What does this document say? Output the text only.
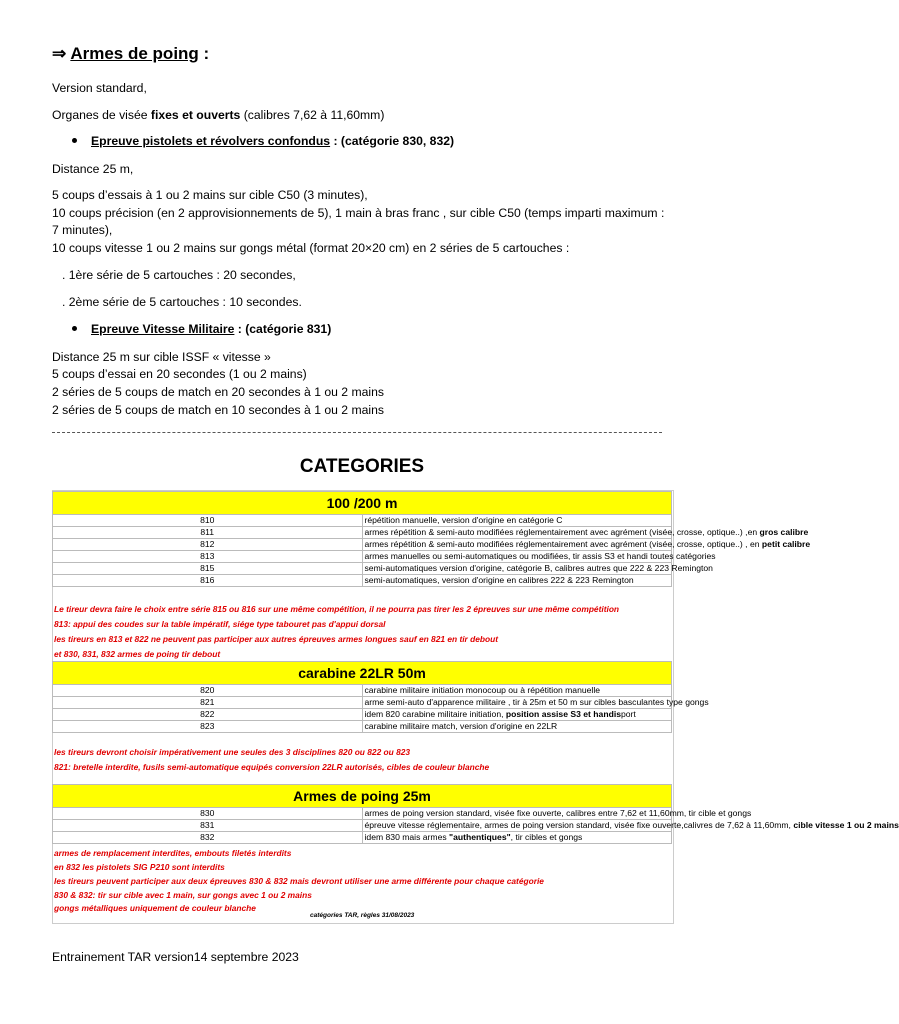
⇒ Armes de poing :
Version standard,
Organes de visée fixes et ouverts (calibres 7,62 à 11,60mm)
Epreuve pistolets et révolvers confondus : (catégorie 830, 832)
Distance 25 m,
5 coups d’essais à 1 ou 2 mains sur cible C50 (3 minutes),
10 coups précision (en 2 approvisionnements de 5), 1 main à bras franc , sur cible C50 (temps imparti maximum :
7 minutes),
10 coups vitesse 1 ou 2 mains sur gongs métal (format 20×20 cm) en 2 séries de 5 cartouches :
. 1ère série de 5 cartouches : 20 secondes,
. 2ème série de 5 cartouches : 10 secondes.
Epreuve Vitesse Militaire : (catégorie 831)
Distance 25 m sur cible ISSF « vitesse »
5 coups d’essai en 20 secondes (1 ou 2 mains)
2 séries de 5 coups de match en 20 secondes à 1 ou 2 mains
2 séries de 5 coups de match en 10 secondes à 1 ou 2 mains
CATEGORIES
100 /200 m	
810	répétition manuelle, version d'origine en catégorie C
811	armes répétition & semi-auto modifiées réglementairement avec agrément (visée, crosse, optique..) ,en gros calibre
812	armes répétition & semi-auto modifiées réglementairement avec agrément (visée, crosse, optique..) , en petit calibre
813	armes manuelles ou semi-automatiques ou modifiées, tir assis S3 et handi toutes catégories
815	semi-automatiques version d'origine, catégorie B, calibres autres que 222 & 223 Remington
816	semi-automatiques, version d'origine en calibres 222 & 223 Remington
Le tireur devra faire le choix entre série 815 ou 816 sur une même compétition, il ne pourra pas tirer les 2 épreuves sur une même compétition
813: appui des coudes sur la table impératif, siége type tabouret pas d'appui dorsal
les tireurs en 813 et 822 ne peuvent pas participer aux autres épreuves armes longues sauf en 821 en tir debout
et 830, 831, 832 armes de poing tir debout
carabine 22LR 50m	
820	carabine militaire initiation monocoup ou à répétition manuelle
821	arme semi-auto d'apparence militaire , tir à 25m et 50 m sur cibles basculantes type gongs
822	idem 820 carabine militaire initiation, position assise S3 et handisport
823	carabine militaire match, version d'origine en 22LR
les tireurs devront choisir impérativement une seules des 3 disciplines 820 ou 822 ou 823
821: bretelle interdite, fusils semi-automatique equipés conversion 22LR autorisés, cibles de couleur blanche
Armes de poing 25m	
830	armes de poing version standard, visée fixe ouverte, calibres entre 7,62 et 11,60mm, tir cible et gongs
831	épreuve vitesse réglementaire, armes de poing version standard, visée fixe ouverte,calivres de 7,62 à 11,60mm, cible vitesse 1 ou 2 mains
832	idem 830 mais armes "authentiques", tir cibles et gongs
armes de remplacement interdites, embouts filetés interdits
en 832 les pistolets SIG P210 sont interdits
les tireurs peuvent participer aux deux épreuves 830 & 832 mais devront utiliser une arme différente pour chaque catégorie
830 & 832: tir sur cible avec 1 main, sur gongs avec 1 ou 2 mains
gongs métalliques uniquement de couleur blanche
catégories TAR, règles 31/08/2023
Entrainement TAR version14 septembre 2023
